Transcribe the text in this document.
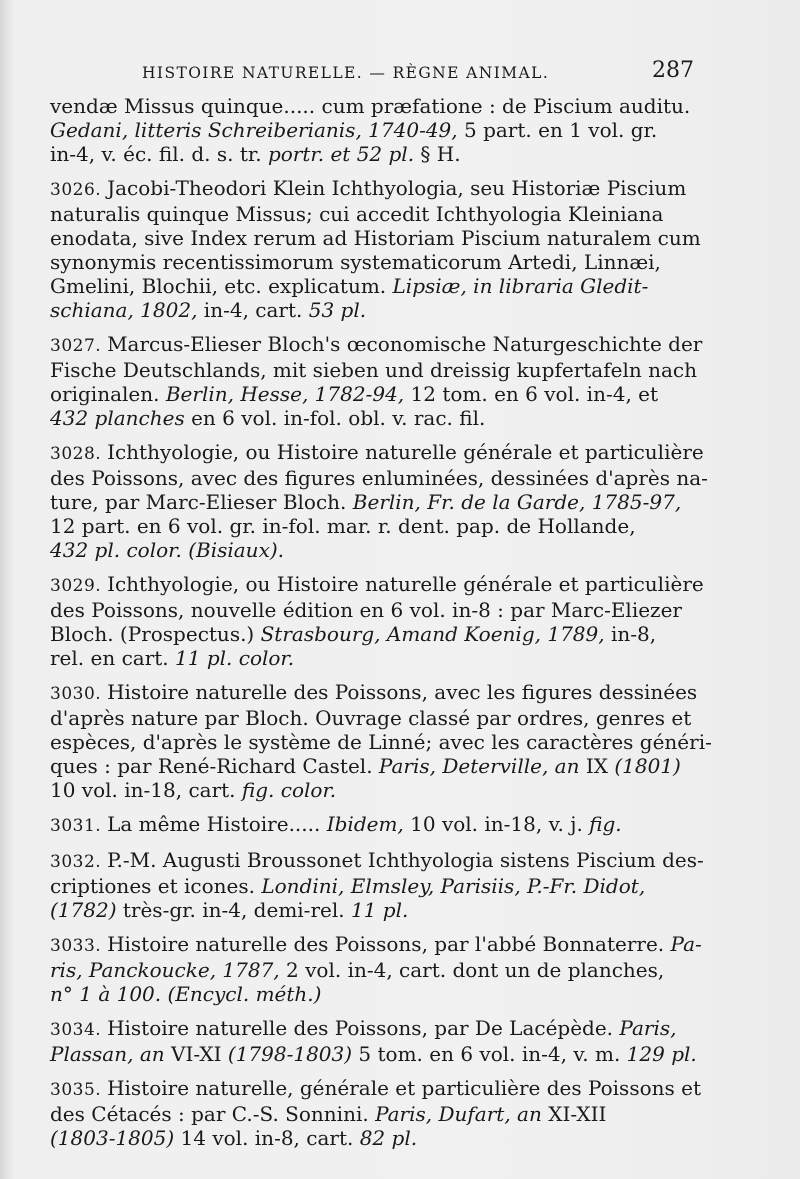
HISTOIRE NATURELLE. — RÈGNE ANIMAL.	287
vendæ Missus quinque..... cum præfatione : de Piscium auditu.
Gedani, litteris Schreiberianis, 1740-49, 5 part. en 1 vol. gr.
in-4, v. éc. fil. d. s. tr. portr. et 52 pl. § H.
3026. Jacobi-Theodori Klein Ichthyologia, seu Historiæ Piscium
naturalis quinque Missus; cui accedit Ichthyologia Kleiniana
enodata, sive Index rerum ad Historiam Piscium naturalem cum
synonymis recentissimorum systematicorum Artedi, Linnæi,
Gmelini, Blochii, etc. explicatum. Lipsiæ, in libraria Gledit-
schiana, 1802, in-4, cart. 53 pl.
3027. Marcus-Elieser Bloch's œconomische Naturgeschichte der
Fische Deutschlands, mit sieben und dreissig kupfertafeln nach
originalen. Berlin, Hesse, 1782-94, 12 tom. en 6 vol. in-4, et
432 planches en 6 vol. in-fol. obl. v. rac. fil.
3028. Ichthyologie, ou Histoire naturelle générale et particulière
des Poissons, avec des figures enluminées, dessinées d'après na-
ture, par Marc-Elieser Bloch. Berlin, Fr. de la Garde, 1785-97,
12 part. en 6 vol. gr. in-fol. mar. r. dent. pap. de Hollande,
432 pl. color. (Bisiaux).
3029. Ichthyologie, ou Histoire naturelle générale et particulière
des Poissons, nouvelle édition en 6 vol. in-8 : par Marc-Eliezer
Bloch. (Prospectus.) Strasbourg, Amand Koenig, 1789, in-8,
rel. en cart. 11 pl. color.
3030. Histoire naturelle des Poissons, avec les figures dessinées
d'après nature par Bloch. Ouvrage classé par ordres, genres et
espèces, d'après le système de Linné; avec les caractères généri-
ques : par René-Richard Castel. Paris, Deterville, an IX (1801)
10 vol. in-18, cart. fig. color.
3031. La même Histoire..... Ibidem, 10 vol. in-18, v. j. fig.
3032. P.-M. Augusti Broussonet Ichthyologia sistens Piscium des-
criptiones et icones. Londini, Elmsley, Parisiis, P.-Fr. Didot,
(1782) très-gr. in-4, demi-rel. 11 pl.
3033. Histoire naturelle des Poissons, par l'abbé Bonnaterre. Pa-
ris, Panckoucke, 1787, 2 vol. in-4, cart. dont un de planches,
n° 1 à 100. (Encycl. méth.)
3034. Histoire naturelle des Poissons, par De Lacépède. Paris,
Plassan, an VI-XI (1798-1803) 5 tom. en 6 vol. in-4, v. m. 129 pl.
3035. Histoire naturelle, générale et particulière des Poissons et
des Cétacés : par C.-S. Sonnini. Paris, Dufart, an XI-XII
(1803-1805) 14 vol. in-8, cart. 82 pl.
